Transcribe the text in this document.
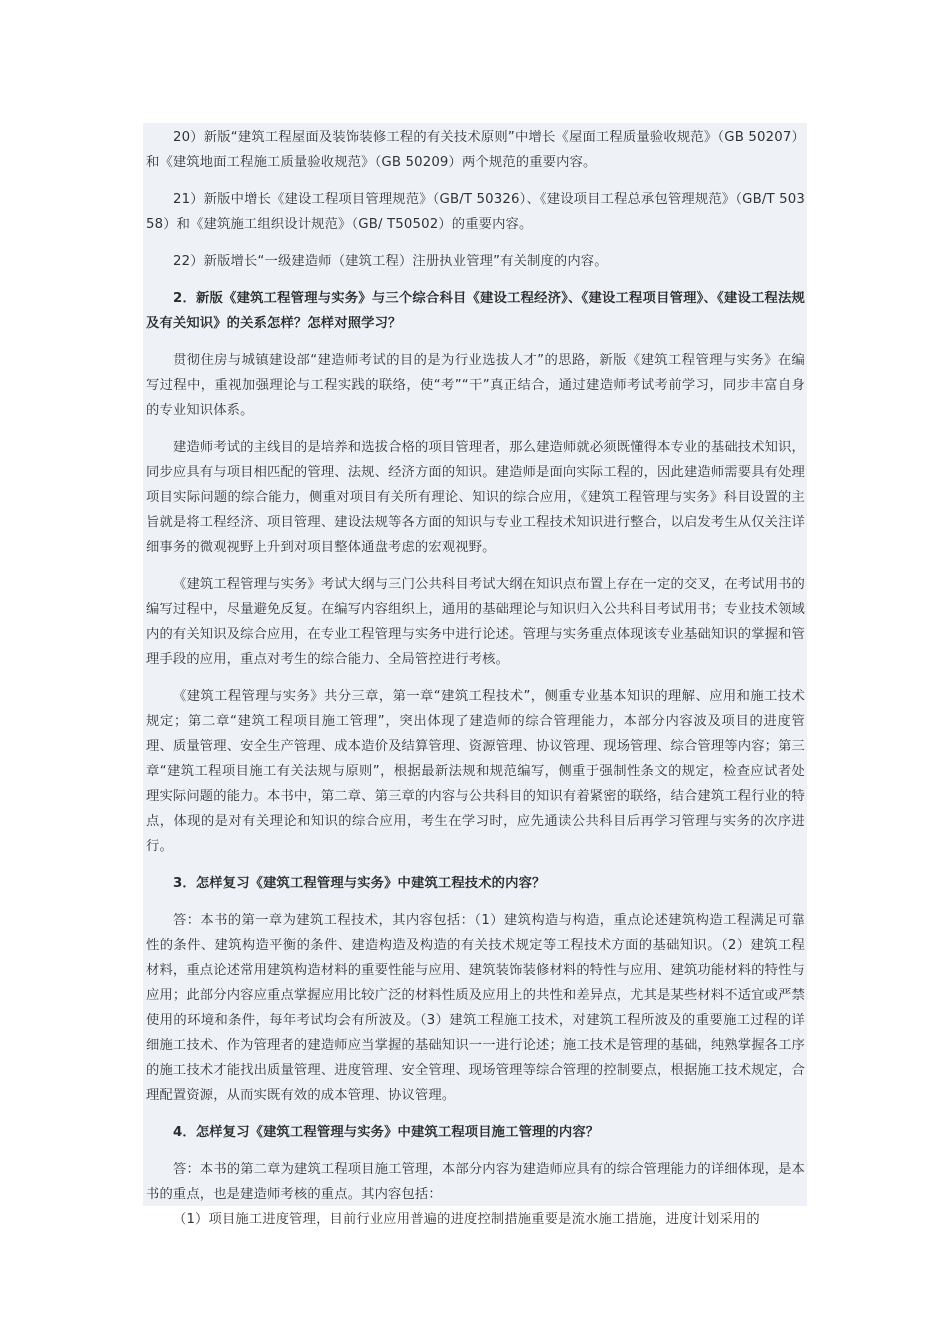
20）新版“建筑工程屋面及装饰装修工程的有关技术原则”中增长《屋面工程质量验收规范》（GB 50207）和《建筑地面工程施工质量验收规范》（GB 50209）两个规范的重要内容。

21）新版中增长《建设工程项目管理规范》（GB/T 50326）、《建设项目工程总承包管理规范》（GB/T 50358）和《建筑施工组织设计规范》（GB/ T50502）的重要内容。

22）新版增长“一级建造师（建筑工程）注册执业管理”有关制度的内容。

2．新版《建筑工程管理与实务》与三个综合科目《建设工程经济》、《建设工程项目管理》、《建设工程法规及有关知识》的关系怎样？怎样对照学习？

贯彻住房与城镇建设部“建造师考试的目的是为行业选拔人才”的思路，新版《建筑工程管理与实务》在编写过程中，重视加强理论与工程实践的联络，使“考”“干”真正结合，通过建造师考试考前学习，同步丰富自身的专业知识体系。

建造师考试的主线目的是培养和选拔合格的项目管理者，那么建造师就必须既懂得本专业的基础技术知识，同步应具有与项目相匹配的管理、法规、经济方面的知识。建造师是面向实际工程的，因此建造师需要具有处理项目实际问题的综合能力，侧重对项目有关所有理论、知识的综合应用，《建筑工程管理与实务》科目设置的主旨就是将工程经济、项目管理、建设法规等各方面的知识与专业工程技术知识进行整合，以启发考生从仅关注详细事务的微观视野上升到对项目整体通盘考虑的宏观视野。

《建筑工程管理与实务》考试大纲与三门公共科目考试大纲在知识点布置上存在一定的交叉，在考试用书的编写过程中，尽量避免反复。在编写内容组织上，通用的基础理论与知识归入公共科目考试用书；专业技术领域内的有关知识及综合应用，在专业工程管理与实务中进行论述。管理与实务重点体现该专业基础知识的掌握和管理手段的应用，重点对考生的综合能力、全局管控进行考核。

《建筑工程管理与实务》共分三章，第一章“建筑工程技术”，侧重专业基本知识的理解、应用和施工技术规定；第二章“建筑工程项目施工管理”，突出体现了建造师的综合管理能力，本部分内容波及项目的进度管理、质量管理、安全生产管理、成本造价及结算管理、资源管理、协议管理、现场管理、综合管理等内容；第三章“建筑工程项目施工有关法规与原则”，根据最新法规和规范编写，侧重于强制性条文的规定，检查应试者处理实际问题的能力。本书中，第二章、第三章的内容与公共科目的知识有着紧密的联络，结合建筑工程行业的特点，体现的是对有关理论和知识的综合应用，考生在学习时，应先通读公共科目后再学习管理与实务的次序进行。

3．怎样复习《建筑工程管理与实务》中建筑工程技术的内容？

答：本书的第一章为建筑工程技术，其内容包括：（1）建筑构造与构造，重点论述建筑构造工程满足可靠性的条件、建筑构造平衡的条件、建造构造及构造的有关技术规定等工程技术方面的基础知识。（2）建筑工程材料，重点论述常用建筑构造材料的重要性能与应用、建筑装饰装修材料的特性与应用、建筑功能材料的特性与应用；此部分内容应重点掌握应用比较广泛的材料性质及应用上的共性和差异点，尤其是某些材料不适宜或严禁使用的环境和条件，每年考试均会有所波及。（3）建筑工程施工技术，对建筑工程所波及的重要施工过程的详细施工技术、作为管理者的建造师应当掌握的基础知识一一进行论述；施工技术是管理的基础，纯熟掌握各工序的施工技术才能找出质量管理、进度管理、安全管理、现场管理等综合管理的控制要点，根据施工技术规定，合理配置资源，从而实既有效的成本管理、协议管理。

4．怎样复习《建筑工程管理与实务》中建筑工程项目施工管理的内容？

答：本书的第二章为建筑工程项目施工管理，本部分内容为建造师应具有的综合管理能力的详细体现，是本书的重点，也是建造师考核的重点。其内容包括：

（1）项目施工进度管理，目前行业应用普遍的进度控制措施重要是流水施工措施，进度计划采用的
